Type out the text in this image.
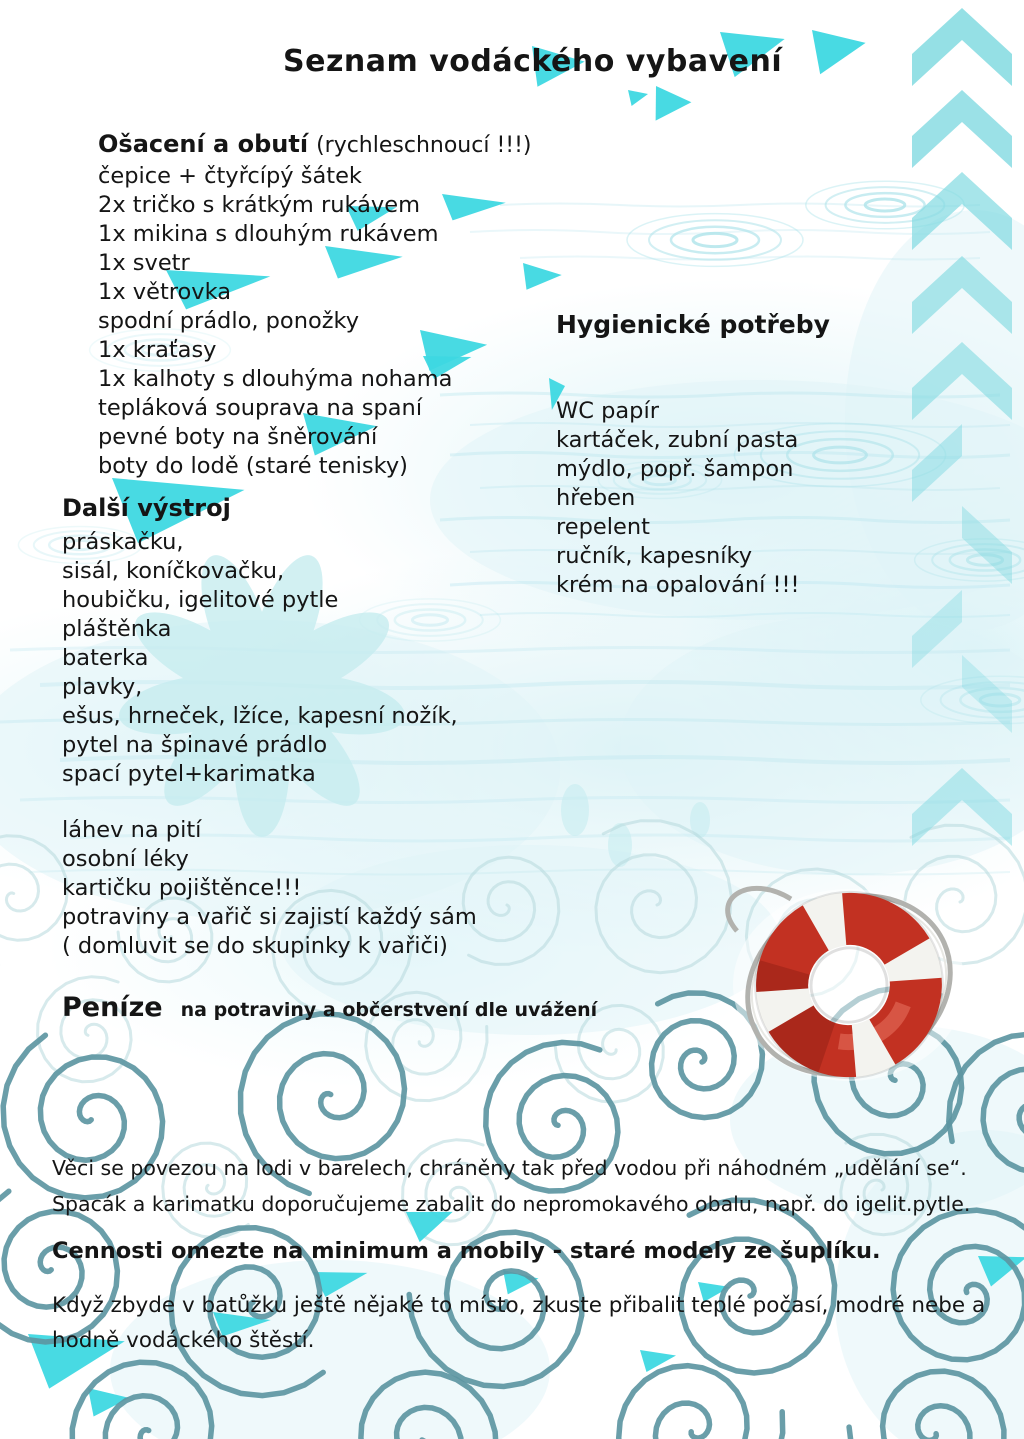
Seznam vodáckého vybavení
Ošacení a obutí (rychleschnoucí !!!)
čepice + čtyřcípý šátek
2x tričko s krátkým rukávem
1x mikina s dlouhým rukávem
1x svetr
1x větrovka
spodní prádlo, ponožky
1x kraťasy
1x kalhoty s dlouhýma nohama
tepláková souprava na spaní
pevné boty na šněrování
boty do lodě (staré tenisky)
Hygienické potřeby
WC papír
kartáček, zubní pasta
mýdlo, popř. šampon
hřeben
repelent
ručník, kapesníky
krém na opalování !!!
Další výstroj
práskačku,
sisál, koníčkovačku,
houbičku, igelitové pytle
pláštěnka
baterka
plavky,
ešus, hrneček, lžíce, kapesní nožík,
pytel na špinavé prádlo
spací pytel+karimatka
láhev na pití
osobní léky
kartičku pojištěnce!!!
potraviny a vařič si zajistí každý sám
( domluvit se do skupinky k vařiči)
Peníze na potraviny a občerstvení dle uvážení
Věci se povezou na lodi v barelech, chráněny tak před vodou při náhodném „udělání se“.
Spacák a karimatku doporučujeme zabalit do nepromokavého obalu, např. do igelit.pytle.
Cennosti omezte na minimum a mobily - staré modely ze šuplíku.
Když zbyde v batůžku ještě nějaké to místo, zkuste přibalit teplé počasí, modré nebe a
hodně vodáckého štěstí.
